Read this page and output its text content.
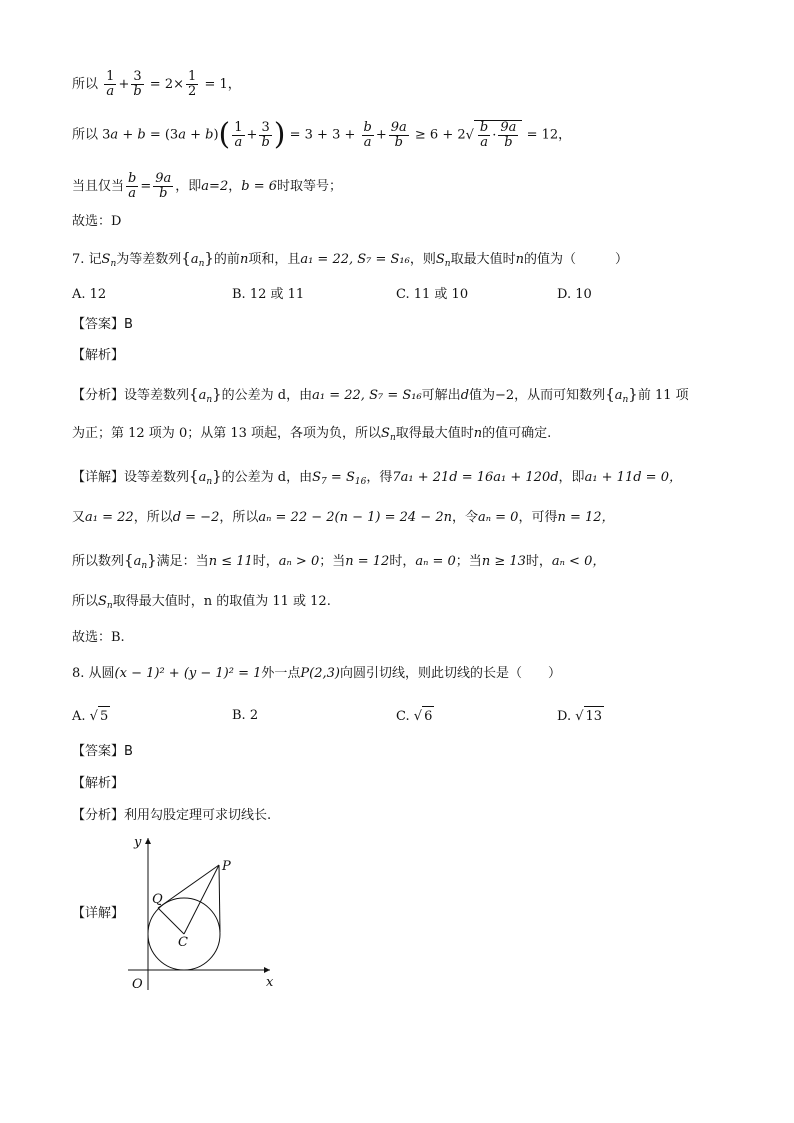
所以 $\frac{1}{a} + \frac{3}{b} = 2\times \frac{1}{2} = 1$，
所以 $3a + b = (3a + b)( \frac{1}{a} + \frac{3}{b}$ ) = $3 + 3 + \frac{b}{a} + \frac{9a}{b} \ge 6 + 2√ \frac{b}{a} \cdot \frac{9a}{b} = 12$，
当且仅当 $\frac{b}{a} = \frac{9a}{b}$ ，即a=2，b = 6时取等号；
故选：D
7. 记$S_n$为等差数列$\{a_n\}$的前n项和，且a₁ = 22, S₇ = S₁₆，则$S_n$取最大值时n的值为（　　　）
A. 12	B. 12 或 11	C. 11 或 10	D. 10
【答案】B
【解析】
【分析】设等差数列$\{a_n\}$的公差为 d，由a₁ = 22, S₇ = S₁₆可解出d值为−2，从而可知数列$\{a_n\}$前 11 项
为正；第 12 项为 0；从第 13 项起，各项为负，所以$S_n$取得最大值时n的值可确定.
【详解】设等差数列$\{a_n\}$的公差为 d，由$S_7 = S_{16}$，得7a₁ + 21d = 16a₁ + 120d，即a₁ + 11d = 0，
又a₁ = 22，所以d = −2，所以aₙ = 22 − 2(n − 1) = 24 − 2n，令aₙ = 0，可得n = 12，
所以数列$\{a_n\}$满足：当n ≤ 11时，aₙ > 0；当n = 12时，aₙ = 0；当n ≥ 13时，aₙ < 0，
所以$S_n$取得最大值时，n 的取值为 11 或 12.
故选：B.
8. 从圆(x − 1)² + (y − 1)² = 1外一点P(2,3)向圆引切线，则此切线的长是（　　）
A. √ 5	B. 2	C. √ 6	D. √ 13
【答案】B
【解析】
【分析】利用勾股定理可求切线长.
【详解】
y
x
O
P
Q
C
